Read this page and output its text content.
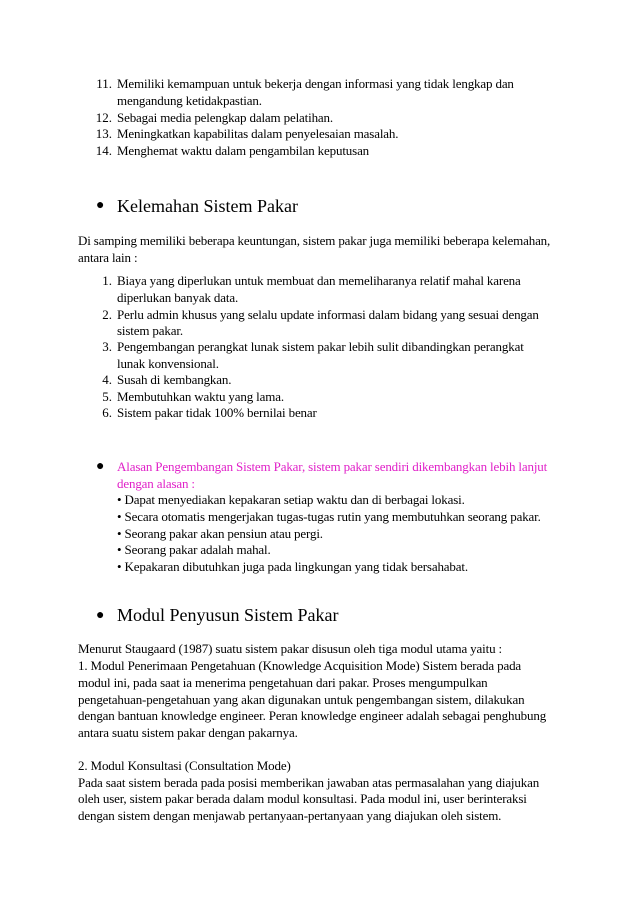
11. Memiliki kemampuan untuk bekerja dengan informasi yang tidak lengkap dan
mengandung ketidakpastian.
12. Sebagai media pelengkap dalam pelatihan.
13. Meningkatkan kapabilitas dalam penyelesaian masalah.
14. Menghemat waktu dalam pengambilan keputusan
● Kelemahan Sistem Pakar
Di samping memiliki beberapa keuntungan, sistem pakar juga memiliki beberapa kelemahan,
antara lain :
1. Biaya yang diperlukan untuk membuat dan memeliharanya relatif mahal karena
diperlukan banyak data.
2. Perlu admin khusus yang selalu update informasi dalam bidang yang sesuai dengan
sistem pakar.
3. Pengembangan perangkat lunak sistem pakar lebih sulit dibandingkan perangkat
lunak konvensional.
4. Susah di kembangkan.
5. Membutuhkan waktu yang lama.
6. Sistem pakar tidak 100% bernilai benar
● Alasan Pengembangan Sistem Pakar, sistem pakar sendiri dikembangkan lebih lanjut
dengan alasan :
• Dapat menyediakan kepakaran setiap waktu dan di berbagai lokasi.
• Secara otomatis mengerjakan tugas-tugas rutin yang membutuhkan seorang pakar.
• Seorang pakar akan pensiun atau pergi.
• Seorang pakar adalah mahal.
• Kepakaran dibutuhkan juga pada lingkungan yang tidak bersahabat.
● Modul Penyusun Sistem Pakar
Menurut Staugaard (1987) suatu sistem pakar disusun oleh tiga modul utama yaitu :
1. Modul Penerimaan Pengetahuan (Knowledge Acquisition Mode) Sistem berada pada
modul ini, pada saat ia menerima pengetahuan dari pakar. Proses mengumpulkan
pengetahuan-pengetahuan yang akan digunakan untuk pengembangan sistem, dilakukan
dengan bantuan knowledge engineer. Peran knowledge engineer adalah sebagai penghubung
antara suatu sistem pakar dengan pakarnya.
2. Modul Konsultasi (Consultation Mode)
Pada saat sistem berada pada posisi memberikan jawaban atas permasalahan yang diajukan
oleh user, sistem pakar berada dalam modul konsultasi. Pada modul ini, user berinteraksi
dengan sistem dengan menjawab pertanyaan-pertanyaan yang diajukan oleh sistem.
